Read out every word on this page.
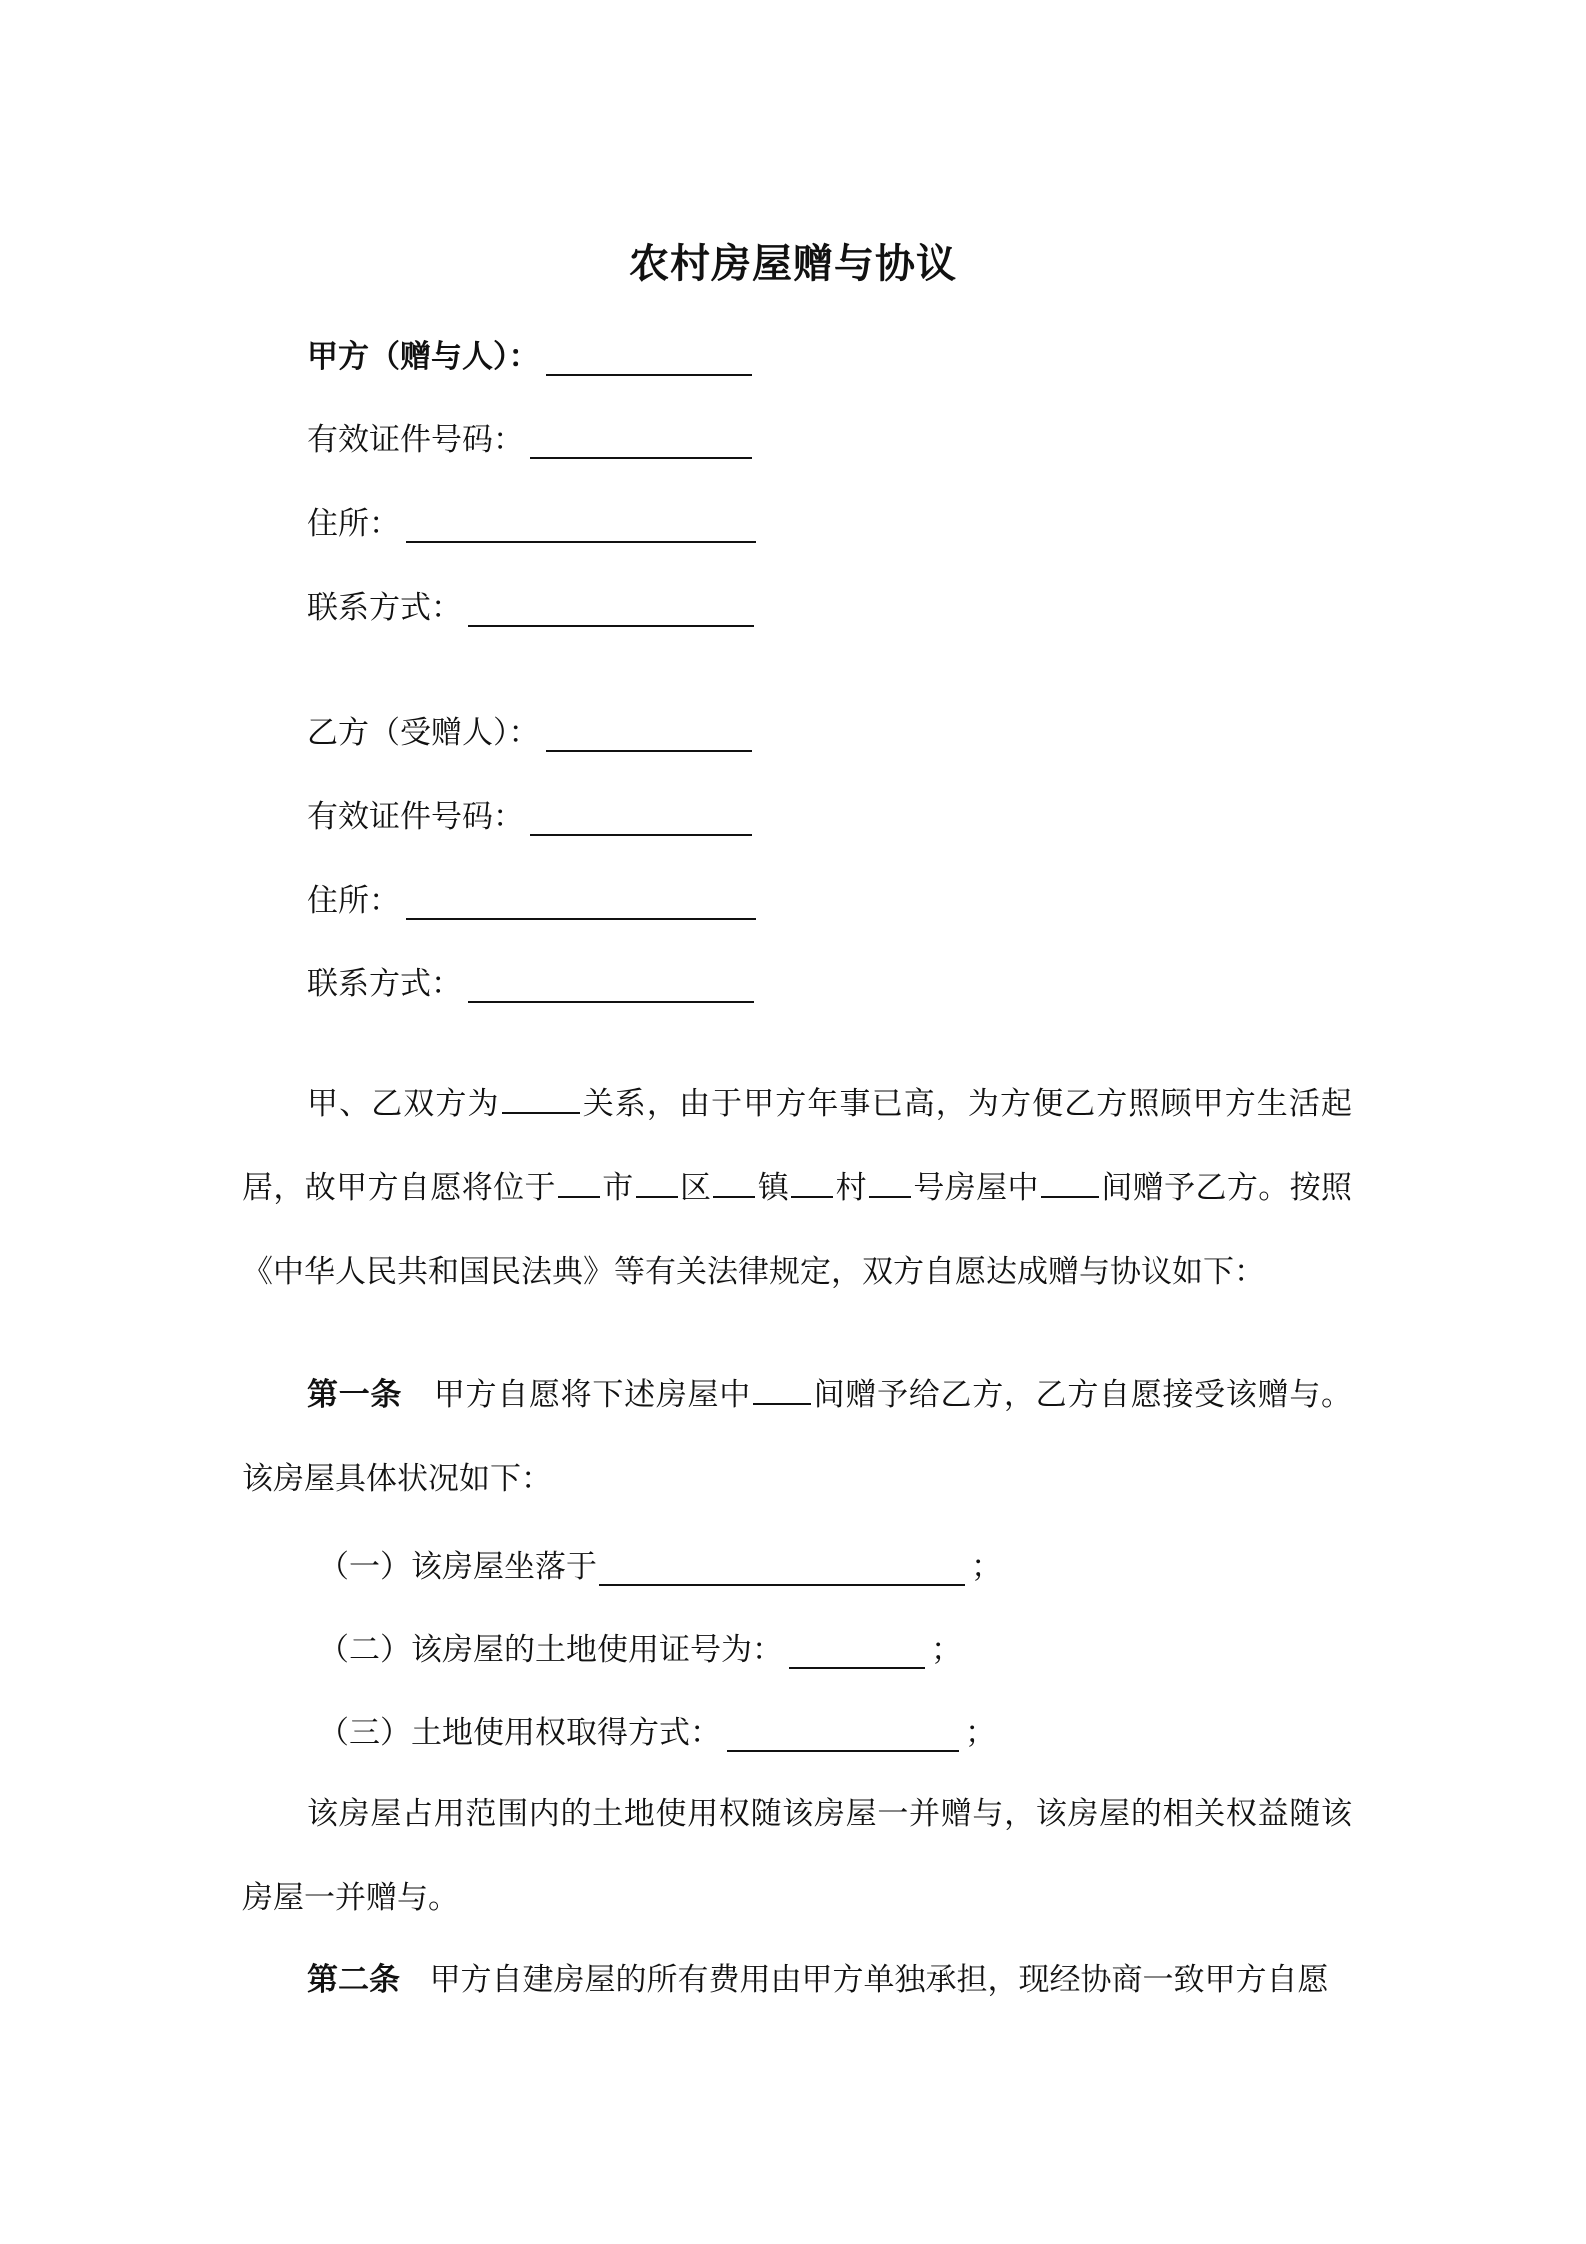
农村房屋赠与协议
甲方（赠与人）：
有效证件号码：
住所：
联系方式：
乙方（受赠人）：
有效证件号码：
住所：
联系方式：

甲、乙双方为	关系，由于甲方年事已高，为方便乙方照顾甲方生活起居，故甲方自愿将位于 市 区 镇 村 号房屋中 间赠予乙方。按照《中华人民共和国民法典》等有关法律规定，双方自愿达成赠与协议如下：

第一条 甲方自愿将下述房屋中 间赠予给乙方，乙方自愿接受该赠与。该房屋具体状况如下：

（一）该房屋坐落于	；
（二）该房屋的土地使用证号为：	；
（三）土地使用权取得方式：	；

该房屋占用范围内的土地使用权随该房屋一并赠与，该房屋的相关权益随该房屋一并赠与。

第二条 甲方自建房屋的所有费用由甲方单独承担，现经协商一致甲方自愿
